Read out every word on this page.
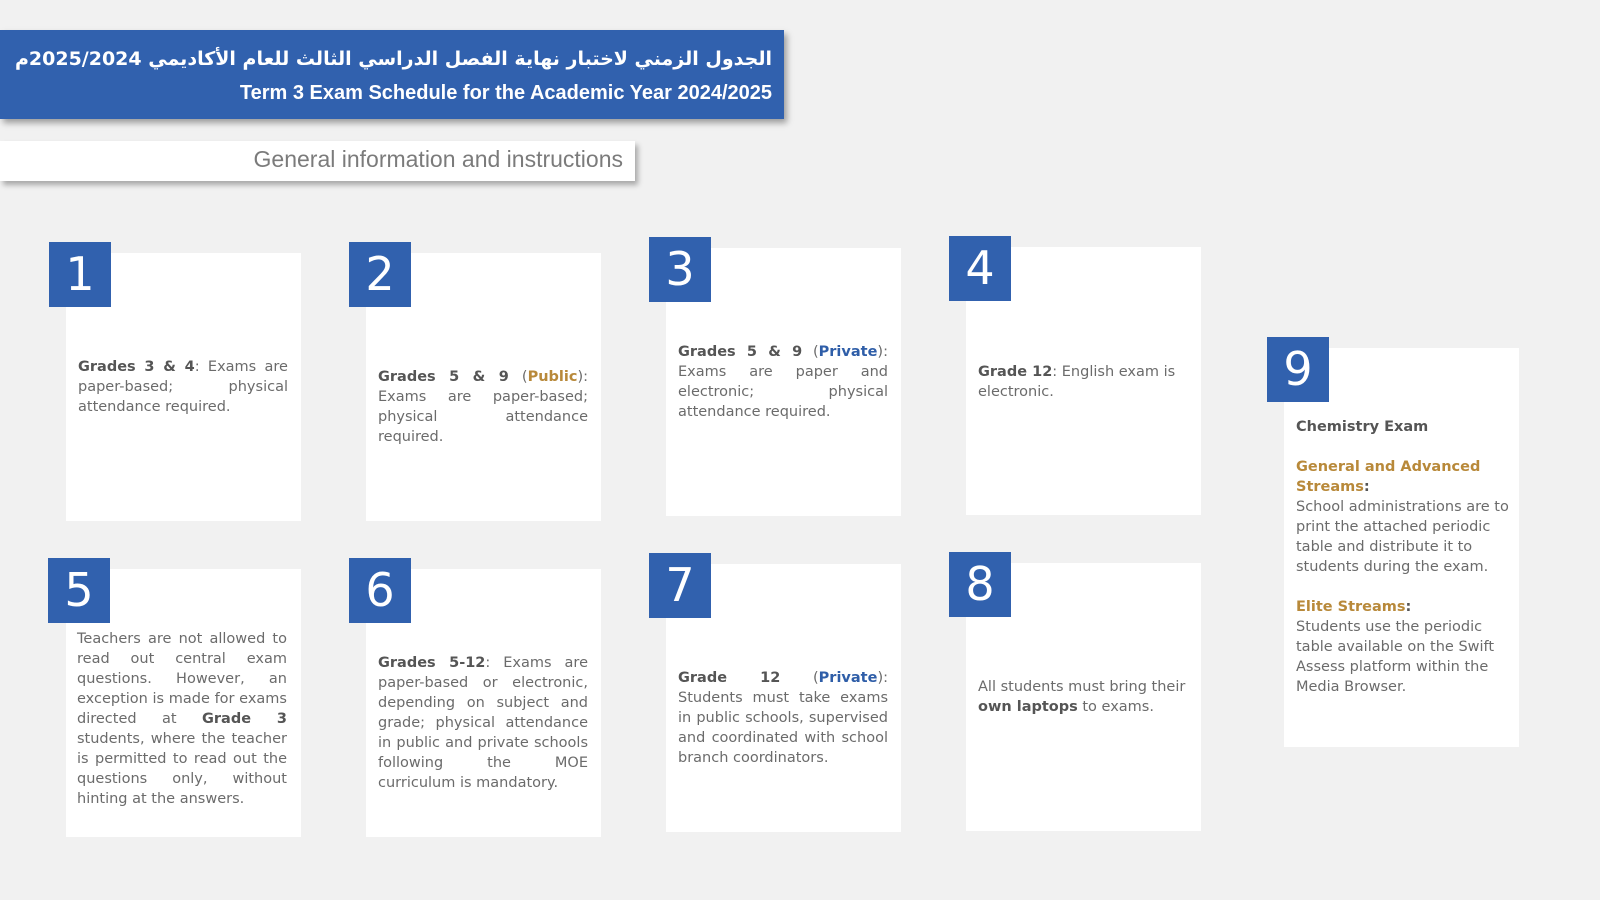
الجدول الزمني لاختبار نهاية الفصل الدراسي الثالث للعام الأكاديمي 2025/2024م
Term 3 Exam Schedule for the Academic Year 2024/2025
General information and instructions
1
Grades 3 & 4: Exams are paper-based; physical attendance required.
2
Grades 5 & 9 (Public): Exams are paper-based; physical attendance required.
3
Grades 5 & 9 (Private): Exams are paper and electronic; physical attendance required.
4
Grade 12: English exam is electronic.
5
Teachers are not allowed to read out central exam questions. However, an exception is made for exams directed at Grade 3 students, where the teacher is permitted to read out the questions only, without hinting at the answers.
6
Grades 5-12: Exams are paper-based or electronic, depending on subject and grade; physical attendance in public and private schools following the MOE curriculum is mandatory.
7
Grade 12 (Private): Students must take exams in public schools, supervised and coordinated with school branch coordinators.
8
All students must bring their own laptops to exams.
9
Chemistry Exam
General and Advanced Streams:
School administrations are to print the attached periodic table and distribute it to students during the exam.
Elite Streams:
Students use the periodic table available on the Swift Assess platform within the Media Browser.
